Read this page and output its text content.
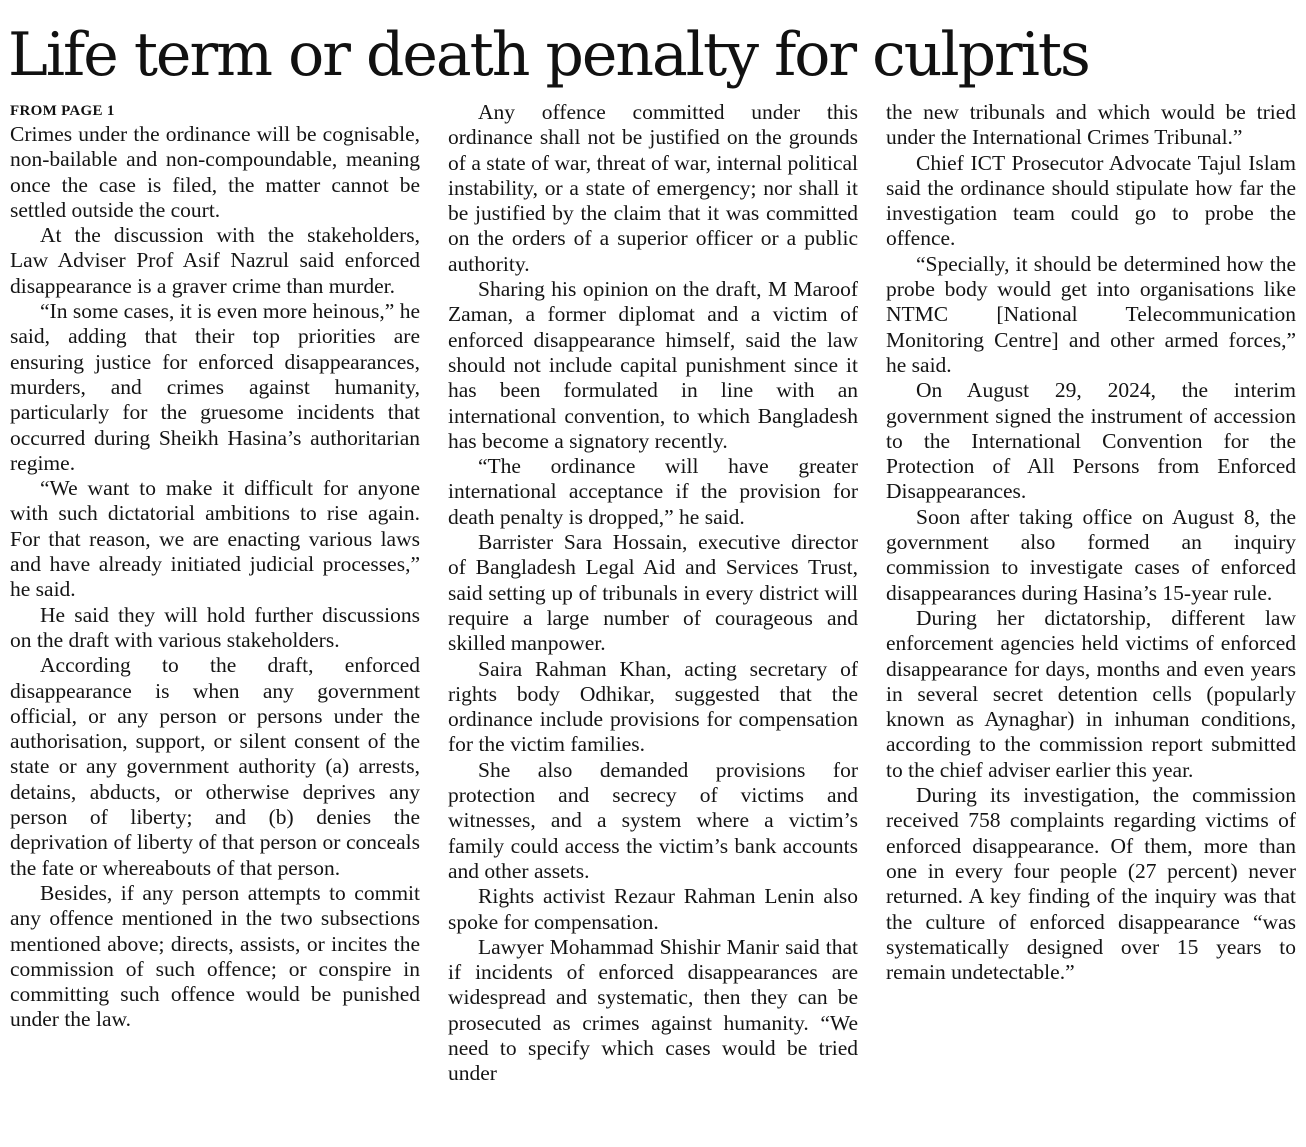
Life term or death penalty for culprits
FROM PAGE 1

Crimes under the ordinance will be cognisable, non-bailable and non-compoundable, meaning once the case is filed, the matter cannot be settled outside the court.

At the discussion with the stakeholders, Law Adviser Prof Asif Nazrul said enforced disappearance is a graver crime than murder.

“In some cases, it is even more heinous,” he said, adding that their top priorities are ensuring justice for enforced disappearances, murders, and crimes against humanity, particularly for the gruesome incidents that occurred during Sheikh Hasina’s authoritarian regime.

“We want to make it difficult for anyone with such dictatorial ambitions to rise again. For that reason, we are enacting various laws and have already initiated judicial processes,” he said.

He said they will hold further discussions on the draft with various stakeholders.

According to the draft, enforced disappearance is when any government official, or any person or persons under the authorisation, support, or silent consent of the state or any government authority (a) arrests, detains, abducts, or otherwise deprives any person of liberty; and (b) denies the deprivation of liberty of that person or conceals the fate or whereabouts of that person.

Besides, if any person attempts to commit any offence mentioned in the two subsections mentioned above; directs, assists, or incites the commission of such offence; or conspire in committing such offence would be punished under the law.

Any offence committed under this ordinance shall not be justified on the grounds of a state of war, threat of war, internal political instability, or a state of emergency; nor shall it be justified by the claim that it was committed on the orders of a superior officer or a public authority.

Sharing his opinion on the draft, M Maroof Zaman, a former diplomat and a victim of enforced disappearance himself, said the law should not include capital punishment since it has been formulated in line with an international convention, to which Bangladesh has become a signatory recently.

“The ordinance will have greater international acceptance if the provision for death penalty is dropped,” he said.

Barrister Sara Hossain, executive director of Bangladesh Legal Aid and Services Trust, said setting up of tribunals in every district will require a large number of courageous and skilled manpower.

Saira Rahman Khan, acting secretary of rights body Odhikar, suggested that the ordinance include provisions for compensation for the victim families.

She also demanded provisions for protection and secrecy of victims and witnesses, and a system where a victim’s family could access the victim’s bank accounts and other assets.

Rights activist Rezaur Rahman Lenin also spoke for compensation.

Lawyer Mohammad Shishir Manir said that if incidents of enforced disappearances are widespread and systematic, then they can be prosecuted as crimes against humanity. “We need to specify which cases would be tried under

the new tribunals and which would be tried under the International Crimes Tribunal.”

Chief ICT Prosecutor Advocate Tajul Islam said the ordinance should stipulate how far the investigation team could go to probe the offence.

“Specially, it should be determined how the probe body would get into organisations like NTMC [National Telecommunication Monitoring Centre] and other armed forces,” he said.

On August 29, 2024, the interim government signed the instrument of accession to the International Convention for the Protection of All Persons from Enforced Disappearances.

Soon after taking office on August 8, the government also formed an inquiry commission to investigate cases of enforced disappearances during Hasina’s 15-year rule.

During her dictatorship, different law enforcement agencies held victims of enforced disappearance for days, months and even years in several secret detention cells (popularly known as Aynaghar) in inhuman conditions, according to the commission report submitted to the chief adviser earlier this year.

During its investigation, the commission received 758 complaints regarding victims of enforced disappearance. Of them, more than one in every four people (27 percent) never returned. A key finding of the inquiry was that the culture of enforced disappearance “was systematically designed over 15 years to remain undetectable.”
